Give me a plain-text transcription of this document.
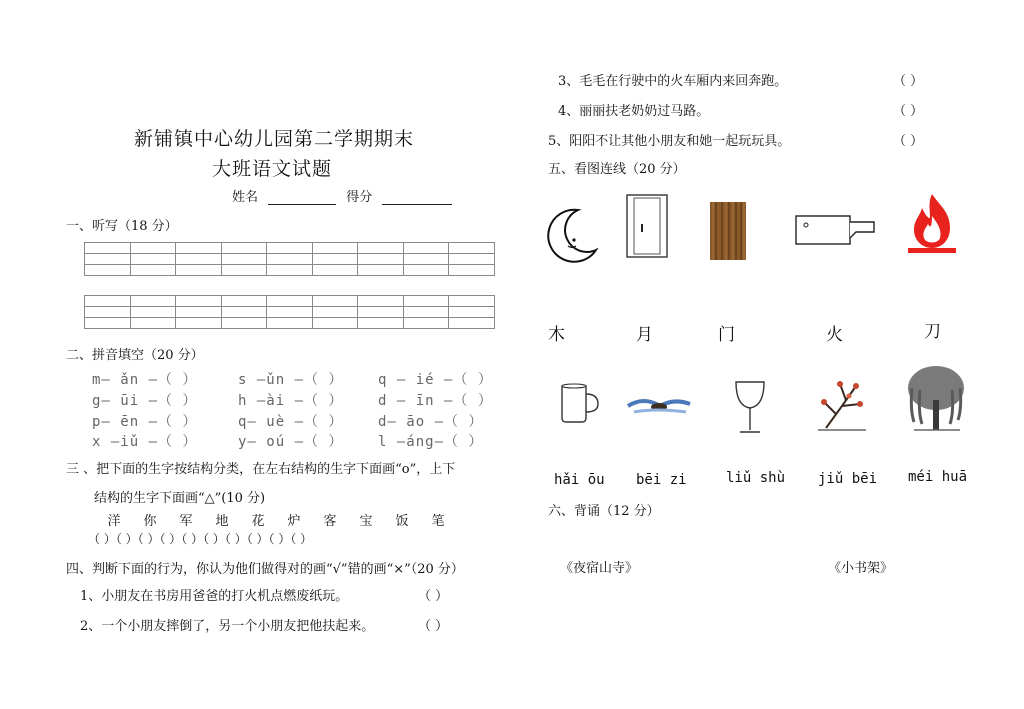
新铺镇中心幼儿园第二学期期末
大班语文试题
姓名	得分
一、听写（18 分）

二、拼音填空（20 分）
m— ǎn —（ ）	s —ǔn —（ ） q — ié —（ ）
g— ūi —（ ）	h —ài —（ ） d — īn —（ ）
p— ēn —（ ）	q— uè —（ ） d— āo —（ ）
x —iǔ —（ ）	y— oú —（ ） l —áng—（ ）
三 、把下面的生字按结构分类，在左右结构的生字下面画“o”，上下
结构的生字下面画“△”(10 分)
洋 你 军 地 花 炉 客 宝 饭 笔
（ ）（ ）（ ）（ ）（ ）（ ）（ ）（ ）（ ）（ ）
四、判断下面的行为，你认为他们做得对的画“√”错的画“×”（20 分）
1、小朋友在书房用爸爸的打火机点燃废纸玩。	（ ）
2、一个小朋友摔倒了，另一个小朋友把他扶起来。	（ ）
3、毛毛在行驶中的火车厢内来回奔跑。	（ ）
4、丽丽扶老奶奶过马路。	（ ）
5、阳阳不让其他小朋友和她一起玩玩具。	（ ）
五、看图连线（20 分）
木	月	门	火	刀
hǎi ōu bēi zi	liǔ shù jiǔ bēi méi huā
六、背诵（12 分）
《夜宿山寺》	《小书架》
